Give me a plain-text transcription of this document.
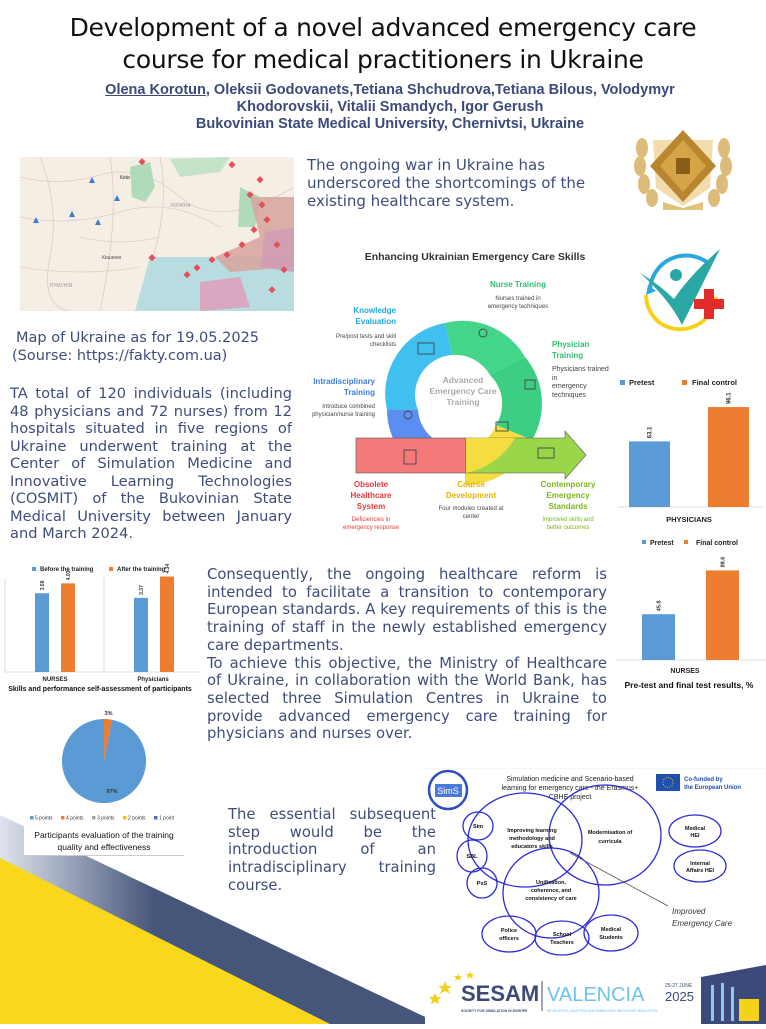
Development of a novel advanced emergency care
course for medical practitioners in Ukraine
Olena Korotun, Oleksii Godovanets,Tetiana Shchudrova,Tetiana Bilous, Volodymyr Khodorovskii, Vitalii Smandych, Igor Gerush
Bukovinian State Medical University, Chernivtsi, Ukraine
УКРАЇНА
Київ
Кишинів
РУМУНІЯ
Map of Ukraine as for 19.05.2025
(Sourse: https://fakty.com.ua)
The ongoing war in Ukraine has underscored the shortcomings of the existing healthcare system.
TA total of 120 individuals (including 48 physicians and 72 nurses) from 12 hospitals situated in five regions of Ukraine underwent training at the Center of Simulation Medicine and Innovative Learning Technologies (COSMIT) of the Bukovinian State Medical University between January and March 2024.
Enhancing Ukrainian Emergency Care Skills
Advanced
Emergency Care
Training
Nurse Training
Nurses trained in
emergency techniques
Knowledge
Evaluation
Pre/post tests and skill
checklists	Physician
Training
Intradisciplinary
Training
Introduce combined
physician/nurse training
Obsolete
Healthcare
System
Deficiencies in
emergency response
Course
Development
Four modules created at
center
Contemporary
Emergency
Standards
Improved skills and
better outcomes
Physicians trained in
emergency techniques
Pretest	Final control
63.1
96.1
PHYSICIANS
Pretest	Final control
45.8
89.6
NURSES
Pre-test and final test results, %
Before the training	After the training
3.58
4.03
3.37
4.34
NURSES	Physicians
Skills and performance self-assessment of participants
97%
3%
5 points	4 points	3 points	2 points	1 point
Participants evaluation of the training
quality and effectiveness
Consequently, the ongoing healthcare reform is intended to facilitate a transition to contemporary European standards. A key requirements of this is the training of staff in the newly established emergency care departments.
To achieve this objective, the Ministry of Healthcare of Ukraine, in collaboration with the World Bank, has selected three Simulation Centres in Ukraine to provide advanced emergency care training for physicians and nurses over.
The essential subsequent step would be the introduction of an intradisciplinary training course.
SimS
Simulation medicine and Scenario-based
learning for emergency care - the Erasmus+
CBHE project
Co-funded by
the European Union
Sim
SBL
PsS
Improving learning
methodology and
educators skills
Modernisation of
curricula
Medical
HEI
Internal
Affairs HEI
Unification,
coherence, and
consistency of care
Police
officers
School
Teachers
Medical
Students
Improved
Emergency Care
SESAM
SOCIETY FOR SIMULATION IN EUROPE
VALENCIA	25-27 JUNE
2025
DEVELOPING, ADOPTING AND EMBEDDING INNOVATIVE SIMULATION
